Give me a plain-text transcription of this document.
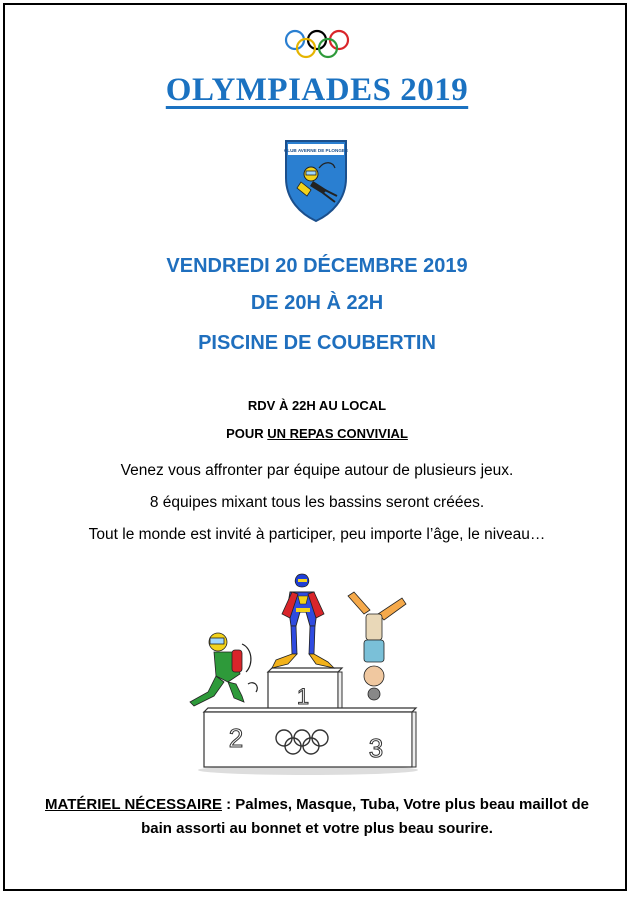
OLYMPIADES 2019
CLUB AVERNE DE PLONGEE
VENDREDI 20 DÉCEMBRE 2019
DE 20H À 22H
PISCINE DE COUBERTIN
RDV À 22H AU LOCAL
POUR UN REPAS CONVIVIAL
Venez vous affronter par équipe autour de plusieurs jeux.
8 équipes mixant tous les bassins seront créées.
Tout le monde est invité à participer, peu importe l’âge, le niveau…
1
2	3
MATÉRIEL NÉCESSAIRE : Palmes, Masque, Tuba, Votre plus beau maillot de bain assorti au bonnet et votre plus beau sourire.
